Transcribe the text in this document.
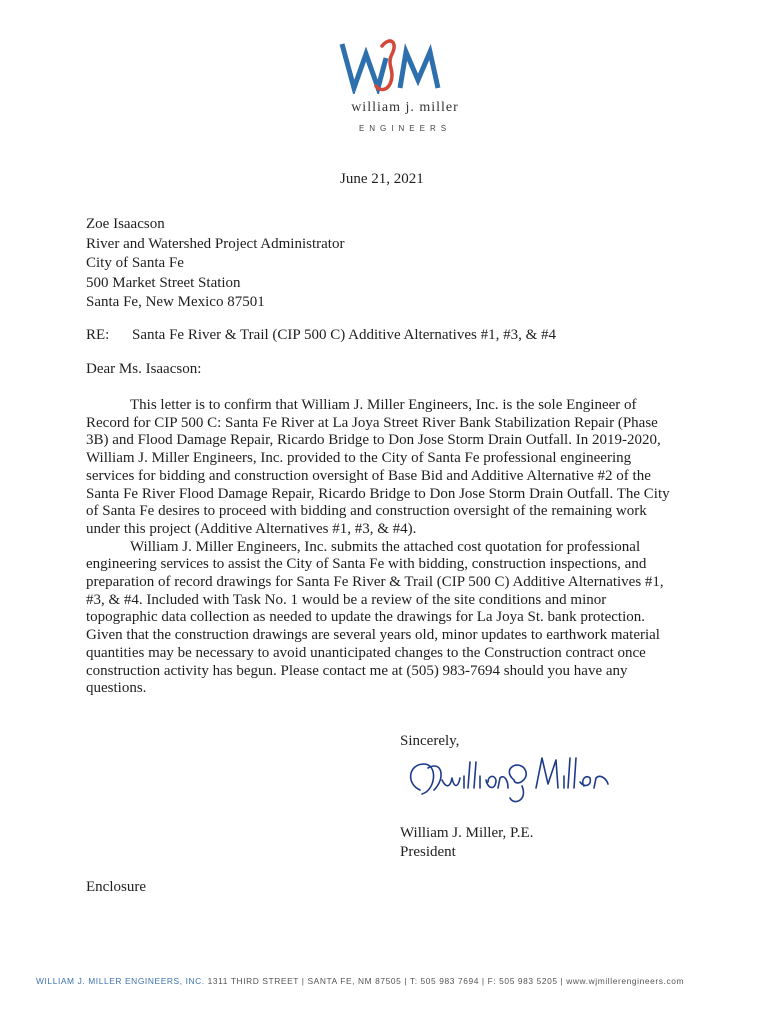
william j. miller
ENGINEERS
June 21, 2021
Zoe Isaacson
River and Watershed Project Administrator
City of Santa Fe
500 Market Street Station
Santa Fe, New Mexico 87501
RE: Santa Fe River & Trail (CIP 500 C) Additive Alternatives #1, #3, & #4
Dear Ms. Isaacson:

This letter is to confirm that William J. Miller Engineers, Inc. is the sole Engineer of Record for CIP 500 C: Santa Fe River at La Joya Street River Bank Stabilization Repair (Phase 3B) and Flood Damage Repair, Ricardo Bridge to Don Jose Storm Drain Outfall. In 2019-2020, William J. Miller Engineers, Inc. provided to the City of Santa Fe professional engineering services for bidding and construction oversight of Base Bid and Additive Alternative #2 of the Santa Fe River Flood Damage Repair, Ricardo Bridge to Don Jose Storm Drain Outfall. The City of Santa Fe desires to proceed with bidding and construction oversight of the remaining work under this project (Additive Alternatives #1, #3, & #4).

William J. Miller Engineers, Inc. submits the attached cost quotation for professional engineering services to assist the City of Santa Fe with bidding, construction inspections, and preparation of record drawings for Santa Fe River & Trail (CIP 500 C) Additive Alternatives #1, #3, & #4. Included with Task No. 1 would be a review of the site conditions and minor topographic data collection as needed to update the drawings for La Joya St. bank protection. Given that the construction drawings are several years old, minor updates to earthwork material quantities may be necessary to avoid unanticipated changes to the Construction contract once construction activity has begun. Please contact me at (505) 983-7694 should you have any questions.

Sincerely,
William J. Miller, P.E.
President
Enclosure
WILLIAM J. MILLER ENGINEERS, INC. 1311 THIRD STREET | SANTA FE, NM 87505 | T: 505 983 7694 | F: 505 983 5205 | www.wjmillerengineers.com
